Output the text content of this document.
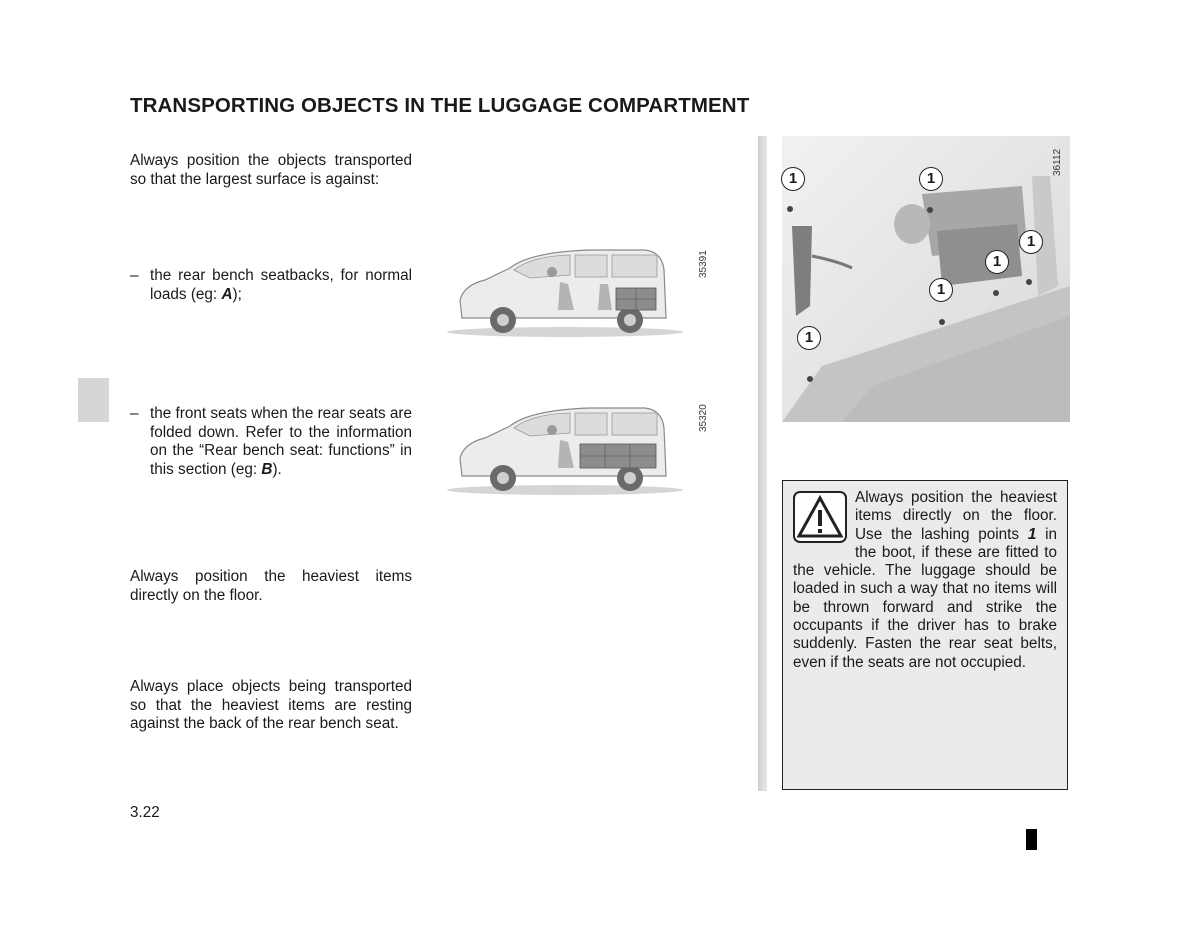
TRANSPORTING OBJECTS IN THE LUGGAGE COMPARTMENT
Always position the objects transported so that the largest surface is against:
– the rear bench seatbacks, for normal loads (eg: A);
– the front seats when the rear seats are folded down. Refer to the information on the “Rear bench seat: functions” in this section (eg: B).
Always position the heaviest items directly on the floor.
Always place objects being transported so that the heaviest items are resting against the back of the rear bench seat.
3.22
35391
35320
36112
1	1
1
1
1
1
Always position the heaviest items directly on the floor. Use the lashing points 1 in the boot, if these are fitted to the vehicle. The luggage should be loaded in such a way that no items will be thrown forward and strike the occupants if the driver has to brake suddenly. Fasten the rear seat belts, even if the seats are not occupied.
